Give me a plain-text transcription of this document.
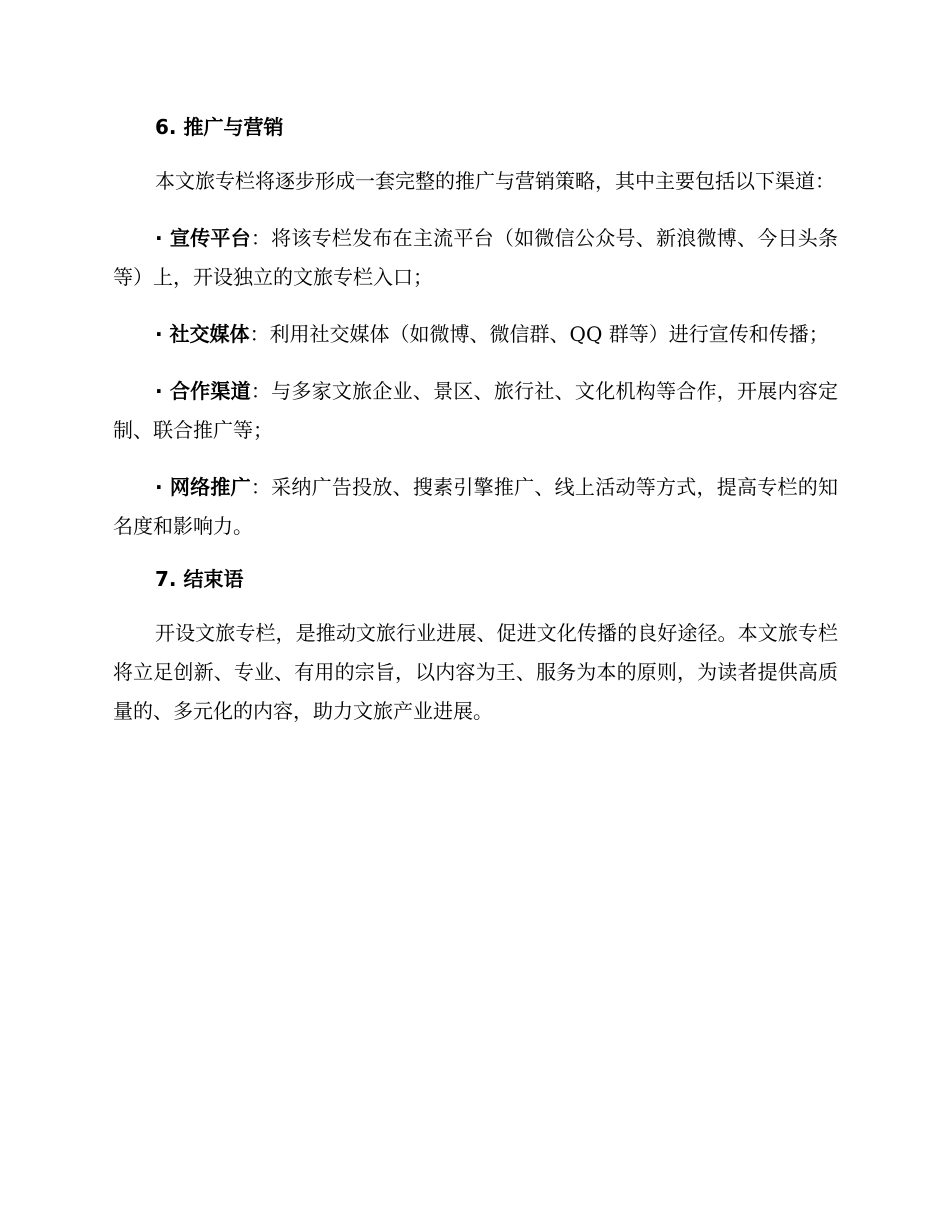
6. 推广与营销

本文旅专栏将逐步形成一套完整的推广与营销策略，其中主要包括以下渠道：

· 宣传平台：将该专栏发布在主流平台（如微信公众号、新浪微博、今日头条等）上，开设独立的文旅专栏入口；

· 社交媒体：利用社交媒体（如微博、微信群、QQ 群等）进行宣传和传播；

· 合作渠道：与多家文旅企业、景区、旅行社、文化机构等合作，开展内容定制、联合推广等；

· 网络推广：采纳广告投放、搜素引擎推广、线上活动等方式，提高专栏的知名度和影响力。

7. 结束语

开设文旅专栏，是推动文旅行业进展、促进文化传播的良好途径。本文旅专栏将立足创新、专业、有用的宗旨，以内容为王、服务为本的原则，为读者提供高质量的、多元化的内容，助力文旅产业进展。
